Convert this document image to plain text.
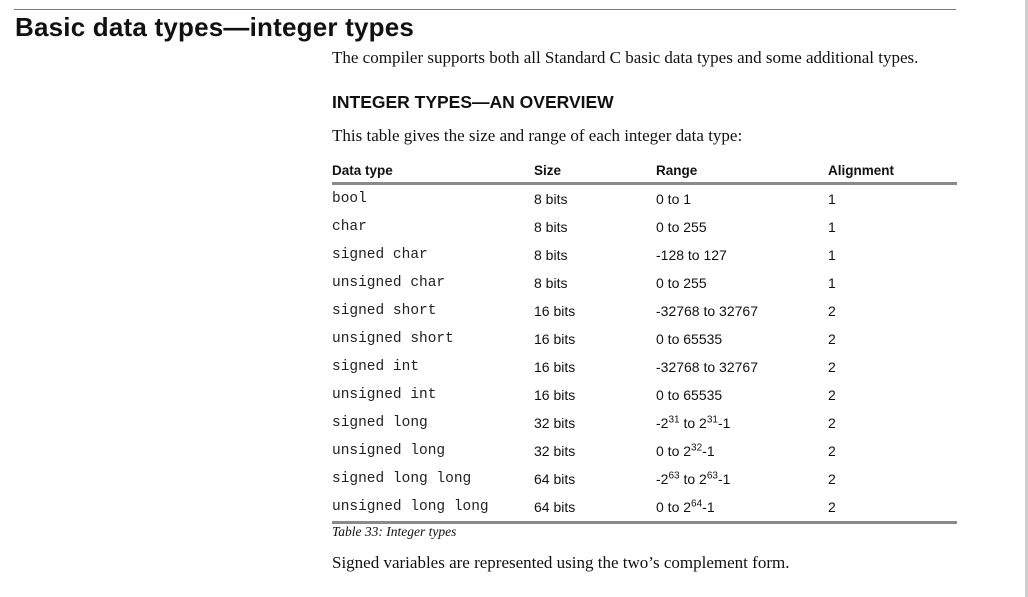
Basic data types—integer types

The compiler supports both all Standard C basic data types and some additional types.

INTEGER TYPES—AN OVERVIEW

This table gives the size and range of each integer data type:

Data type	Size	Range	Alignment
bool	8 bits	0 to 1	1
char	8 bits	0 to 255	1
signed char	8 bits	-128 to 127	1
unsigned char	8 bits	0 to 255	1
signed short	16 bits	-32768 to 32767	2
unsigned short	16 bits	0 to 65535	2
signed int	16 bits	-32768 to 32767	2
unsigned int	16 bits	0 to 65535	2
signed long	32 bits	$-2^{31}$ to $2^{31}-1$	2
unsigned long	32 bits	0 to $2^{32}-1$	2
signed long long	64 bits	$-2^{63}$ to $2^{63}-1$	2
unsigned long long	64 bits	0 to $2^{64}-1$	2

Table 33: Integer types

Signed variables are represented using the two’s complement form.
